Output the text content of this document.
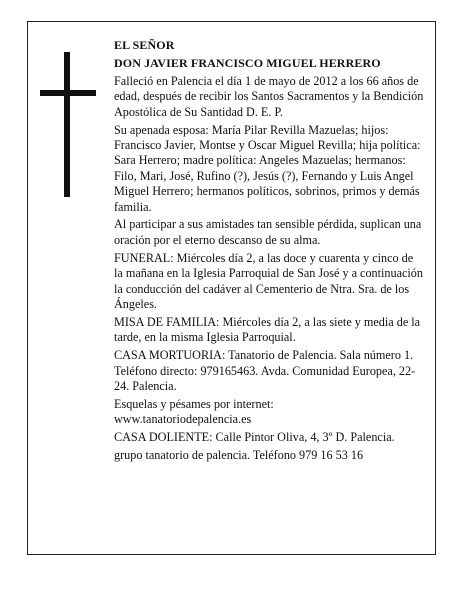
EL SEÑOR

DON JAVIER FRANCISCO MIGUEL HERRERO

Falleció en Palencia el día 1 de mayo de 2012 a los 66 años de edad, después de recibir los Santos Sacramentos y la Bendición Apostólica de Su Santidad D. E. P.

Su apenada esposa: María Pilar Revilla Mazuelas; hijos: Francisco Javier, Montse y Oscar Miguel Revilla; hija política: Sara Herrero; madre política: Angeles Mazuelas; hermanos: Filo, Mari, José, Rufino (?), Jesús (?), Fernando y Luis Angel Miguel Herrero; hermanos políticos, sobrinos, primos y demás familia.

Al participar a sus amistades tan sensible pérdida, suplican una oración por el eterno descanso de su alma.

FUNERAL: Miércoles día 2, a las doce y cuarenta y cinco de la mañana en la Iglesia Parroquial de San José y a continuación la conducción del cadáver al Cementerio de Ntra. Sra. de los Ángeles.

MISA DE FAMILIA: Miércoles día 2, a las siete y media de la tarde, en la misma Iglesia Parroquial.

CASA MORTUORIA: Tanatorio de Palencia. Sala número 1. Teléfono directo: 979165463. Avda. Comunidad Europea, 22-24. Palencia.

Esquelas y pésames por internet:

www.tanatoriodepalencia.es

CASA DOLIENTE: Calle Pintor Oliva, 4, 3º D. Palencia.

grupo tanatorio de palencia. Teléfono 979 16 53 16
